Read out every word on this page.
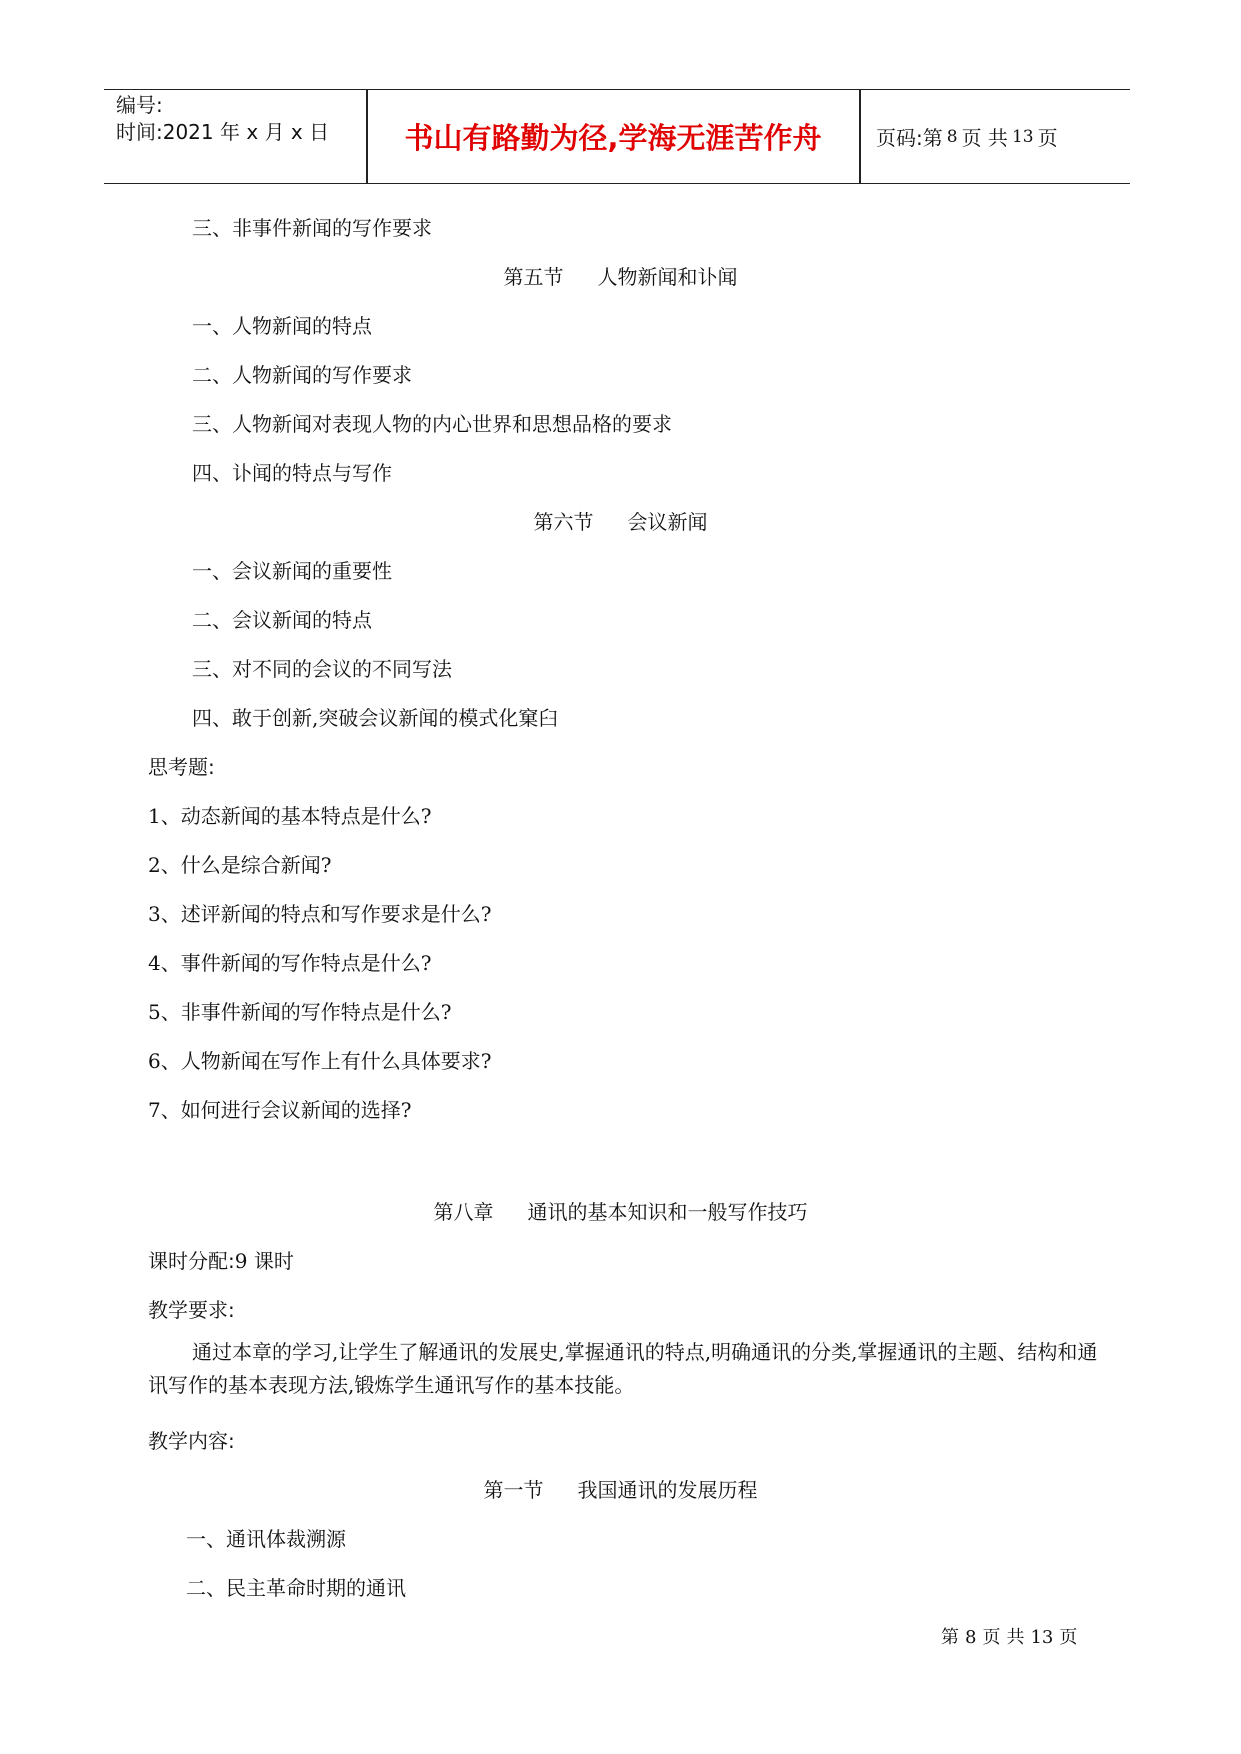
编号:
时间:2021 年 x 月 x 日	书山有路勤为径,学海无涯苦作舟	页码:第 8 页 共 13 页
三、非事件新闻的写作要求
第五节 人物新闻和讣闻
一、人物新闻的特点
二、人物新闻的写作要求
三、人物新闻对表现人物的内心世界和思想品格的要求
四、讣闻的特点与写作
第六节 会议新闻
一、会议新闻的重要性
二、会议新闻的特点
三、对不同的会议的不同写法
四、敢于创新,突破会议新闻的模式化窠臼
思考题:
1、动态新闻的基本特点是什么?
2、什么是综合新闻?
3、述评新闻的特点和写作要求是什么?
4、事件新闻的写作特点是什么?
5、非事件新闻的写作特点是什么?
6、人物新闻在写作上有什么具体要求?
7、如何进行会议新闻的选择?
第八章 通讯的基本知识和一般写作技巧
课时分配:9 课时
教学要求:
通过本章的学习,让学生了解通讯的发展史,掌握通讯的特点,明确通讯的分类,掌握通讯的主题、结构和通讯写作的基本表现方法,锻炼学生通讯写作的基本技能。
教学内容:
第一节 我国通讯的发展历程
一、通讯体裁溯源
二、民主革命时期的通讯
第 8 页 共 13 页
